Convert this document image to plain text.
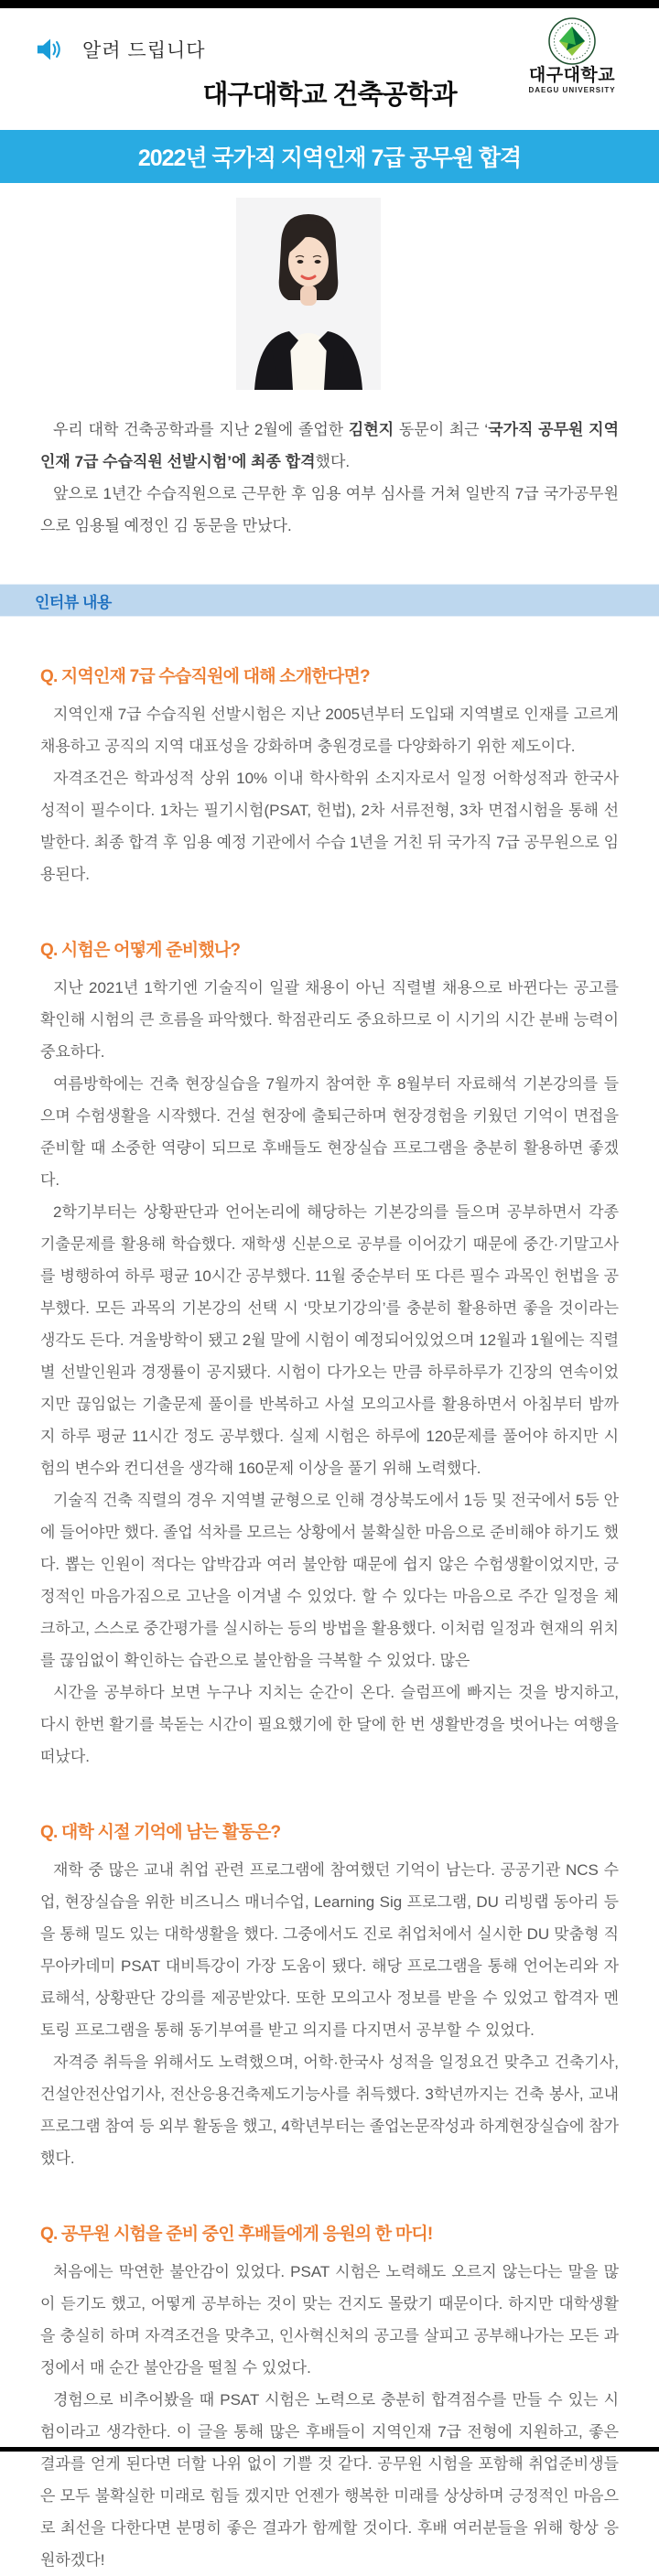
알려 드립니다
대구대학교
DAEGU UNIVERSITY
대구대학교 건축공학과
2022년 국가직 지역인재 7급 공무원 합격

우리 대학 건축공학과를 지난 2월에 졸업한 김현지 동문이 최근 ‘국가직 공무원 지역인재 7급 수습직원 선발시험’에 최종 합격했다.

앞으로 1년간 수습직원으로 근무한 후 임용 여부 심사를 거쳐 일반직 7급 국가공무원으로 임용될 예정인 김 동문을 만났다.

인터뷰 내용
Q. 지역인재 7급 수습직원에 대해 소개한다면?

지역인재 7급 수습직원 선발시험은 지난 2005년부터 도입돼 지역별로 인재를 고르게 채용하고 공직의 지역 대표성을 강화하며 충원경로를 다양화하기 위한 제도이다.

자격조건은 학과성적 상위 10% 이내 학사학위 소지자로서 일정 어학성적과 한국사 성적이 필수이다. 1차는 필기시험(PSAT, 헌법), 2차 서류전형, 3차 면접시험을 통해 선발한다. 최종 합격 후 임용 예정 기관에서 수습 1년을 거친 뒤 국가직 7급 공무원으로 임용된다.

Q. 시험은 어떻게 준비했나?

지난 2021년 1학기엔 기술직이 일괄 채용이 아닌 직렬별 채용으로 바뀐다는 공고를 확인해 시험의 큰 흐름을 파악했다. 학점관리도 중요하므로 이 시기의 시간 분배 능력이 중요하다.

여름방학에는 건축 현장실습을 7월까지 참여한 후 8월부터 자료해석 기본강의를 들으며 수험생활을 시작했다. 건설 현장에 출퇴근하며 현장경험을 키웠던 기억이 면접을 준비할 때 소중한 역량이 되므로 후배들도 현장실습 프로그램을 충분히 활용하면 좋겠다.

2학기부터는 상황판단과 언어논리에 해당하는 기본강의를 들으며 공부하면서 각종 기출문제를 활용해 학습했다. 재학생 신분으로 공부를 이어갔기 때문에 중간·기말고사를 병행하여 하루 평균 10시간 공부했다. 11월 중순부터 또 다른 필수 과목인 헌법을 공부했다. 모든 과목의 기본강의 선택 시 ‘맛보기강의’를 충분히 활용하면 좋을 것이라는 생각도 든다. 겨울방학이 됐고 2월 말에 시험이 예정되어있었으며 12월과 1월에는 직렬별 선발인원과 경쟁률이 공지됐다. 시험이 다가오는 만큼 하루하루가 긴장의 연속이었지만 끊임없는 기출문제 풀이를 반복하고 사설 모의고사를 활용하면서 아침부터 밤까지 하루 평균 11시간 정도 공부했다. 실제 시험은 하루에 120문제를 풀어야 하지만 시험의 변수와 컨디션을 생각해 160문제 이상을 풀기 위해 노력했다.

기술직 건축 직렬의 경우 지역별 균형으로 인해 경상북도에서 1등 및 전국에서 5등 안에 들어야만 했다. 졸업 석차를 모르는 상황에서 불확실한 마음으로 준비해야 하기도 했다. 뽑는 인원이 적다는 압박감과 여러 불안함 때문에 쉽지 않은 수험생활이었지만, 긍정적인 마음가짐으로 고난을 이겨낼 수 있었다. 할 수 있다는 마음으로 주간 일정을 체크하고, 스스로 중간평가를 실시하는 등의 방법을 활용했다. 이처럼 일정과 현재의 위치를 끊임없이 확인하는 습관으로 불안함을 극복할 수 있었다. 많은

시간을 공부하다 보면 누구나 지치는 순간이 온다. 슬럼프에 빠지는 것을 방지하고, 다시 한번 활기를 북돋는 시간이 필요했기에 한 달에 한 번 생활반경을 벗어나는 여행을 떠났다.

Q. 대학 시절 기억에 남는 활동은?

재학 중 많은 교내 취업 관련 프로그램에 참여했던 기억이 남는다. 공공기관 NCS 수업, 현장실습을 위한 비즈니스 매너수업, Learning Sig 프로그램, DU 리빙랩 동아리 등을 통해 밀도 있는 대학생활을 했다. 그중에서도 진로 취업처에서 실시한 DU 맞춤형 직무아카데미 PSAT 대비특강이 가장 도움이 됐다. 해당 프로그램을 통해 언어논리와 자료해석, 상황판단 강의를 제공받았다. 또한 모의고사 정보를 받을 수 있었고 합격자 멘토링 프로그램을 통해 동기부여를 받고 의지를 다지면서 공부할 수 있었다.

자격증 취득을 위해서도 노력했으며, 어학·한국사 성적을 일정요건 맞추고 건축기사, 건설안전산업기사, 전산응용건축제도기능사를 취득했다. 3학년까지는 건축 봉사, 교내 프로그램 참여 등 외부 활동을 했고, 4학년부터는 졸업논문작성과 하계현장실습에 참가했다.

Q. 공무원 시험을 준비 중인 후배들에게 응원의 한 마디!

처음에는 막연한 불안감이 있었다. PSAT 시험은 노력해도 오르지 않는다는 말을 많이 듣기도 했고, 어떻게 공부하는 것이 맞는 건지도 몰랐기 때문이다. 하지만 대학생활을 충실히 하며 자격조건을 맞추고, 인사혁신처의 공고를 살피고 공부해나가는 모든 과정에서 매 순간 불안감을 떨칠 수 있었다.

경험으로 비추어봤을 때 PSAT 시험은 노력으로 충분히 합격점수를 만들 수 있는 시험이라고 생각한다. 이 글을 통해 많은 후배들이 지역인재 7급 전형에 지원하고, 좋은 결과를 얻게 된다면 더할 나위 없이 기쁠 것 같다. 공무원 시험을 포함해 취업준비생들은 모두 불확실한 미래로 힘들 겠지만 언젠가 행복한 미래를 상상하며 긍정적인 마음으로 최선을 다한다면 분명히 좋은 결과가 함께할 것이다. 후배 여러분들을 위해 항상 응원하겠다!
